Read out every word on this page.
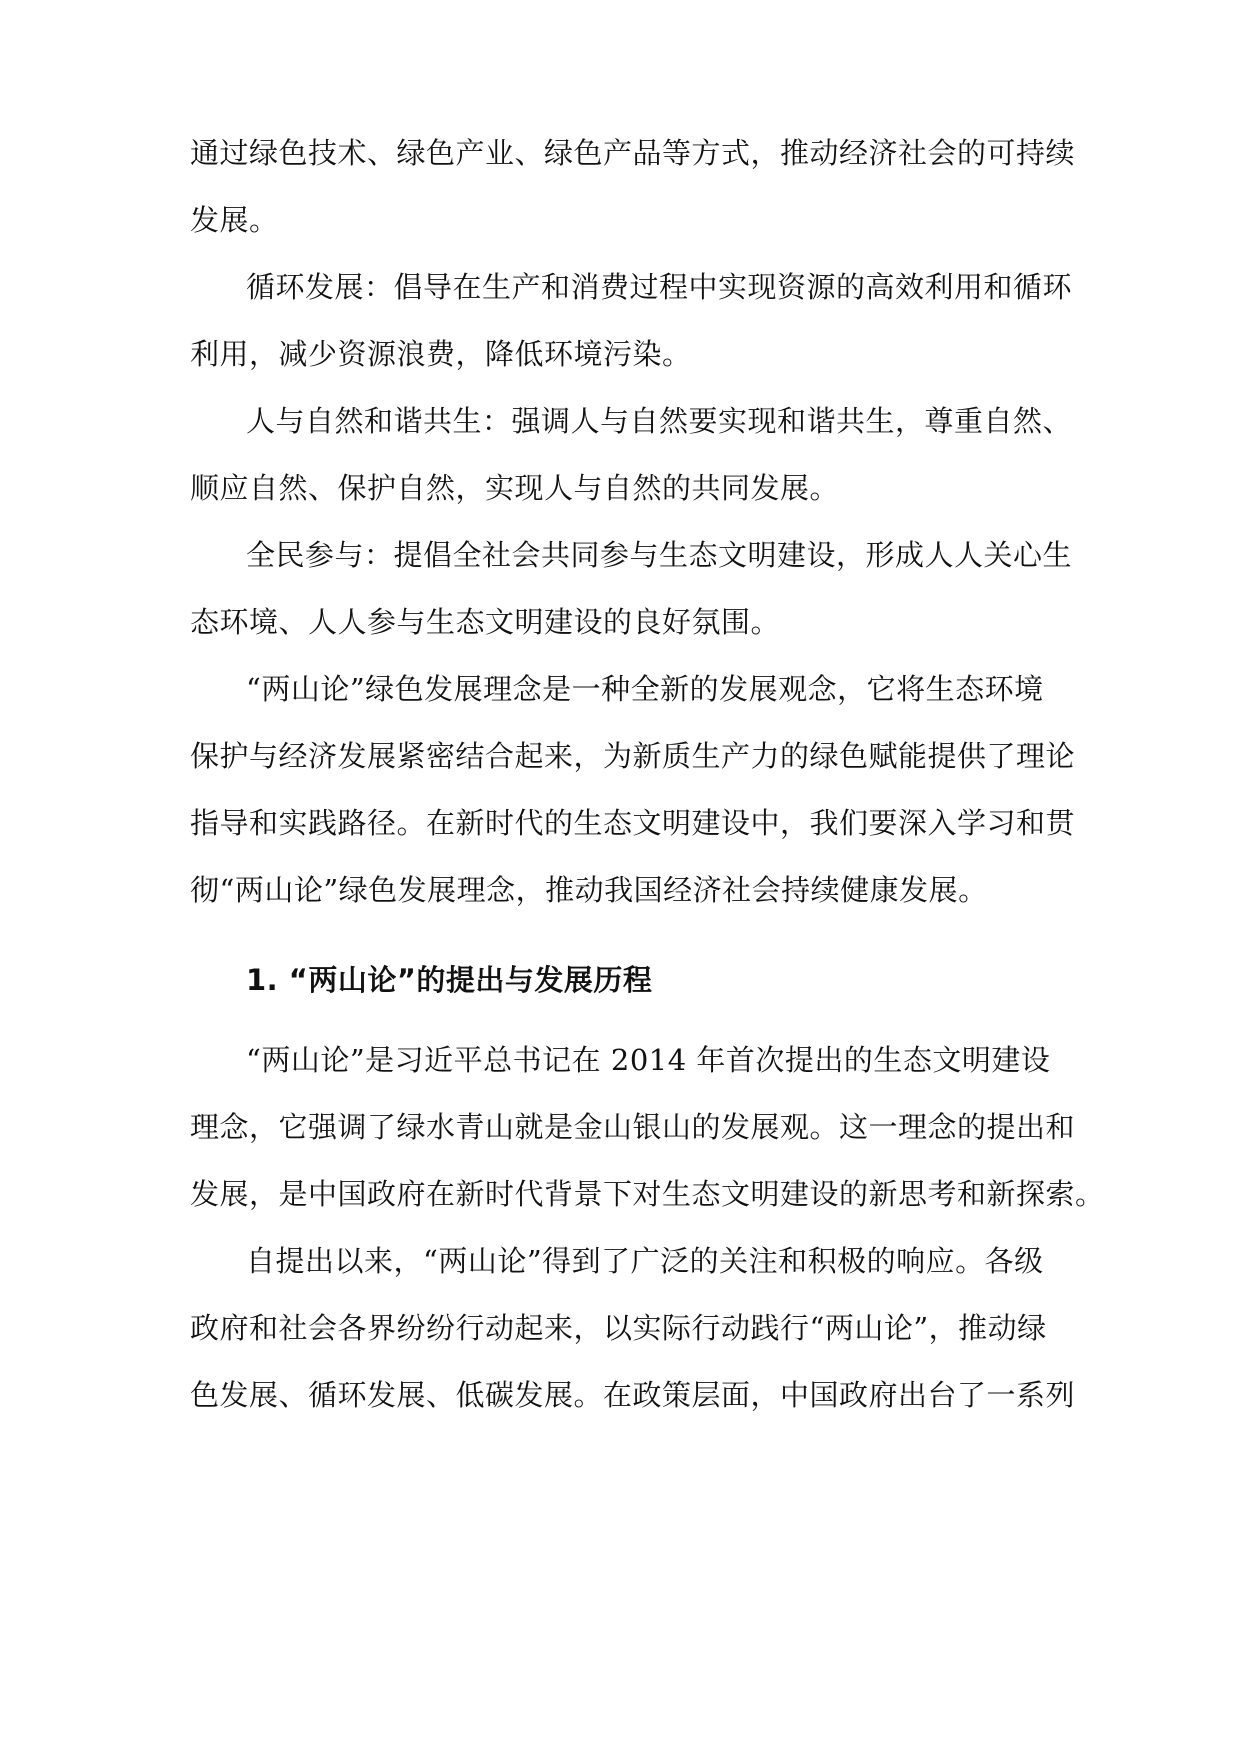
通过绿色技术、绿色产业、绿色产品等方式，推动经济社会的可持续
发展。
循环发展：倡导在生产和消费过程中实现资源的高效利用和循环
利用，减少资源浪费，降低环境污染。
人与自然和谐共生：强调人与自然要实现和谐共生，尊重自然、
顺应自然、保护自然，实现人与自然的共同发展。
全民参与：提倡全社会共同参与生态文明建设，形成人人关心生
态环境、人人参与生态文明建设的良好氛围。
“两山论”绿色发展理念是一种全新的发展观念，它将生态环境
保护与经济发展紧密结合起来，为新质生产力的绿色赋能提供了理论
指导和实践路径。在新时代的生态文明建设中，我们要深入学习和贯
彻“两山论”绿色发展理念，推动我国经济社会持续健康发展。
1. “两山论”的提出与发展历程
“两山论”是习近平总书记在 2014 年首次提出的生态文明建设
理念，它强调了绿水青山就是金山银山的发展观。这一理念的提出和
发展，是中国政府在新时代背景下对生态文明建设的新思考和新探索。
自提出以来，“两山论”得到了广泛的关注和积极的响应。各级
政府和社会各界纷纷行动起来，以实际行动践行“两山论”，推动绿
色发展、循环发展、低碳发展。在政策层面，中国政府出台了一系列
